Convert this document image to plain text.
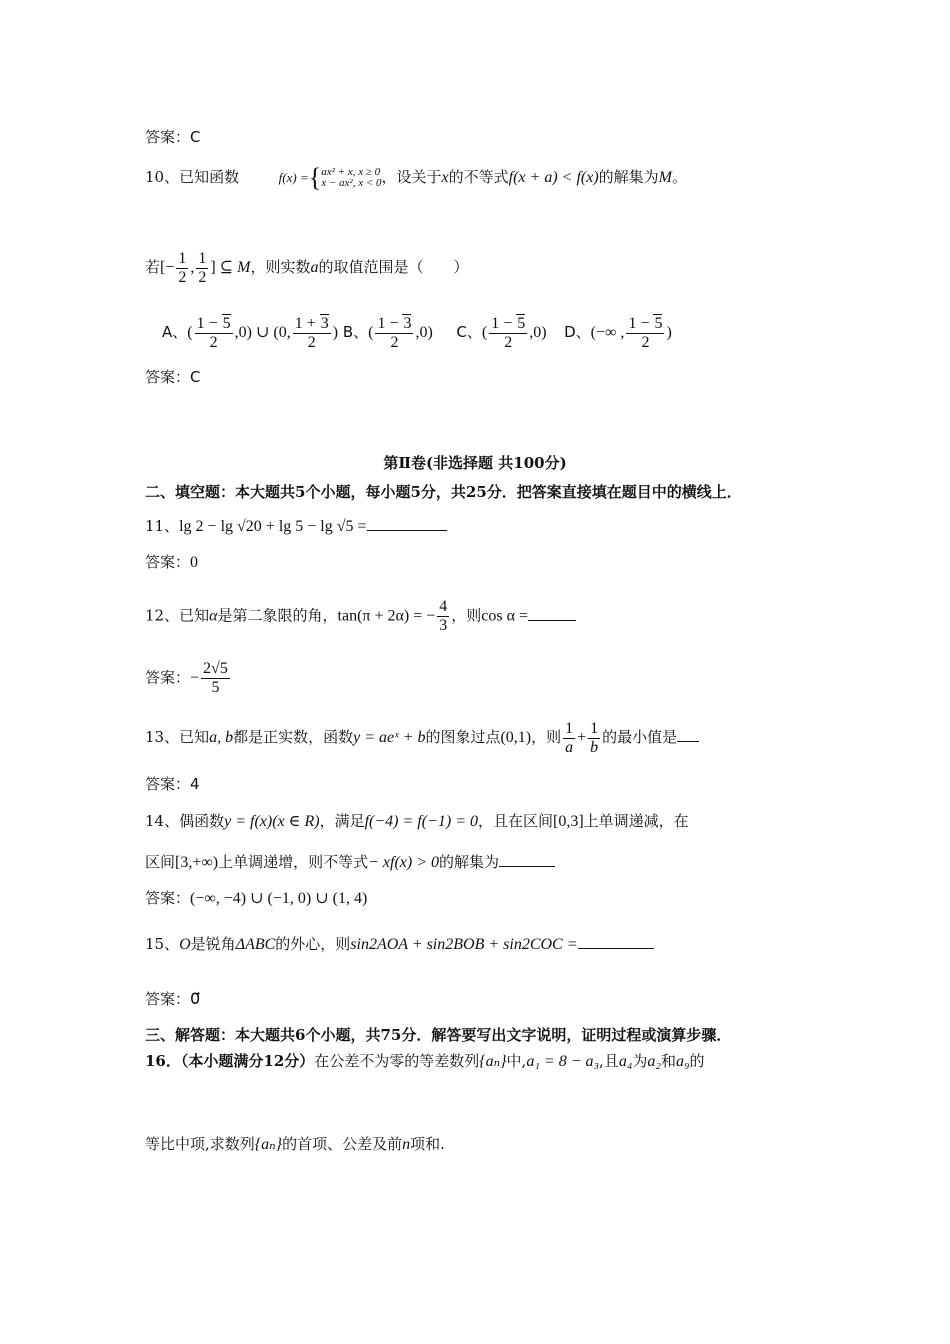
答案：C
10、已知函数	f(x) ={ ax² + x, x ≥ 0
x − ax², x < 0 ，设关于x的不等式f(x + a) < f(x)的解集为M。
若[− $\frac{1}{2}$ , $\frac{1}{2}$ ] ⊆ M，则实数a的取值范围是（　　）
A、( $\frac{1 - 5}{2} ,0$) ∪ (0, $\frac{1 + 3}{2}$ ) B、( $\frac{1 - 3}{2} ,0$) C、( $\frac{1 - 5}{2} ,0$) D、(−∞ , $\frac{1 - 5}{2}$ )
答案：C
第Ⅱ卷(非选择题 共100分)
二、填空题：本大题共5个小题，每小题5分，共25分．把答案直接填在题目中的横线上．
11、lg 2 − lg √20 + lg 5 − lg √5 =
答案：0
12、已知α是第二象限的角，tan(π + 2α) = − $\frac{4}{3}$ ，则cos α =
答案：− $\frac{2√5}{5}$
13、已知a, b都是正实数，函数y = aeˣ + b的图象过点(0,1)，则 $\frac{1}{a} + \frac{1}{b}$ 的最小值是
答案：4
14、偶函数y = f(x)(x ∈ R)，满足f(−4) = f(−1) = 0，且在区间[0,3]上单调递减，在
区间[3,+∞)上单调递增，则不等式− xf(x) > 0的解集为
答案：(−∞, −4) ∪ (−1, 0) ∪ (1, 4)
15、O是锐角ΔABC的外心，则sin2AOA + sin2BOB + sin2COC =
答案：0⃗
三、解答题：本大题共6个小题，共75分．解答要写出文字说明，证明过程或演算步骤．
16．（本小题满分12分）在公差不为零的等差数列{aₙ}中,a₁ = 8 − a₃,且a₄为a₂和a₉的
等比中项,求数列{aₙ}的首项、公差及前n项和.
